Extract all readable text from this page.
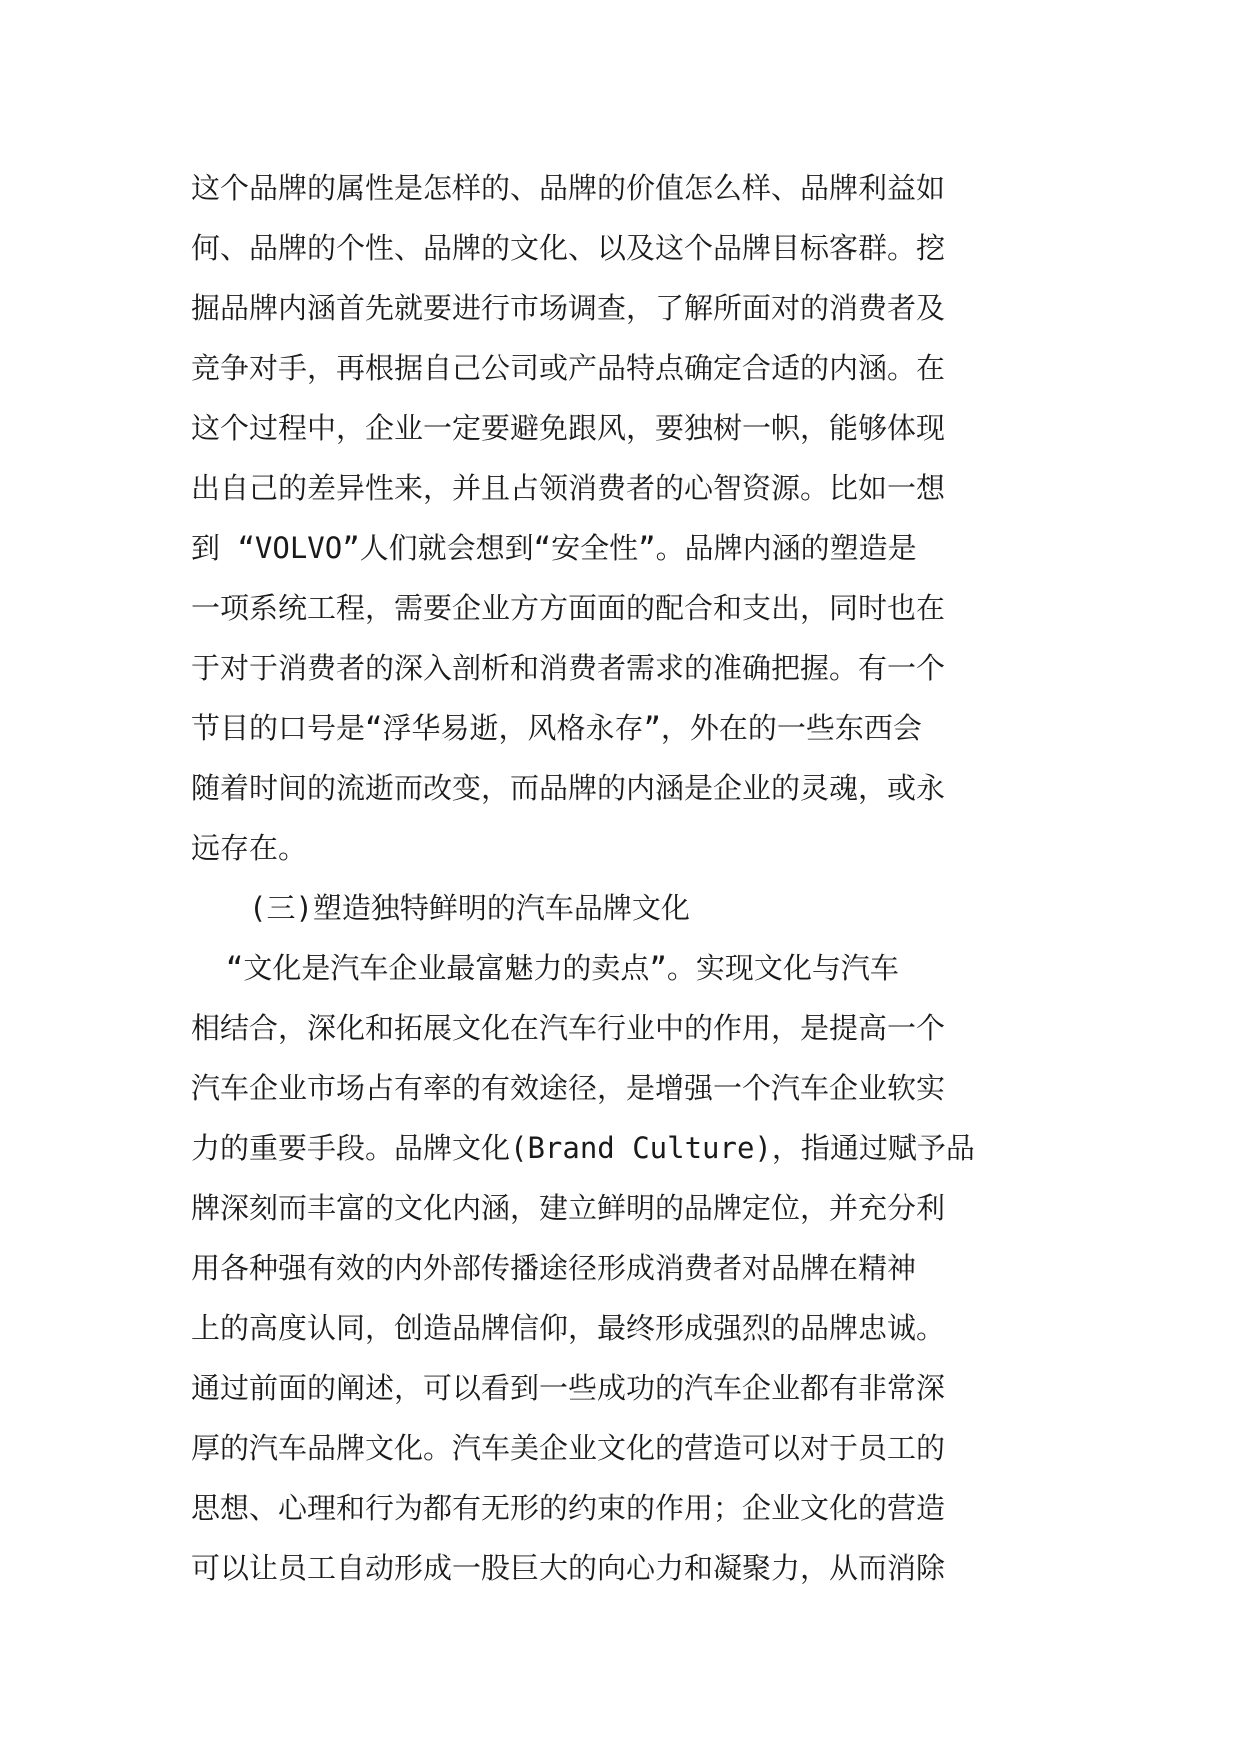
这个品牌的属性是怎样的、品牌的价值怎么样、品牌利益如
何、品牌的个性、品牌的文化、以及这个品牌目标客群。挖
掘品牌内涵首先就要进行市场调查，了解所面对的消费者及
竞争对手，再根据自己公司或产品特点确定合适的内涵。在
这个过程中，企业一定要避免跟风，要独树一帜，能够体现
出自己的差异性来，并且占领消费者的心智资源。比如一想
到 “VOLVO”人们就会想到“安全性”。品牌内涵的塑造是
一项系统工程，需要企业方方面面的配合和支出，同时也在
于对于消费者的深入剖析和消费者需求的准确把握。有一个
节目的口号是“浮华易逝，风格永存”，外在的一些东西会
随着时间的流逝而改变，而品牌的内涵是企业的灵魂，或永
远存在。
(三)塑造独特鲜明的汽车品牌文化
“文化是汽车企业最富魅力的卖点”。实现文化与汽车
相结合，深化和拓展文化在汽车行业中的作用，是提高一个
汽车企业市场占有率的有效途径，是增强一个汽车企业软实
力的重要手段。品牌文化(Brand Culture)，指通过赋予品
牌深刻而丰富的文化内涵，建立鲜明的品牌定位，并充分利
用各种强有效的内外部传播途径形成消费者对品牌在精神
上的高度认同，创造品牌信仰，最终形成强烈的品牌忠诚。
通过前面的阐述，可以看到一些成功的汽车企业都有非常深
厚的汽车品牌文化。汽车美企业文化的营造可以对于员工的
思想、心理和行为都有无形的约束的作用；企业文化的营造
可以让员工自动形成一股巨大的向心力和凝聚力，从而消除
